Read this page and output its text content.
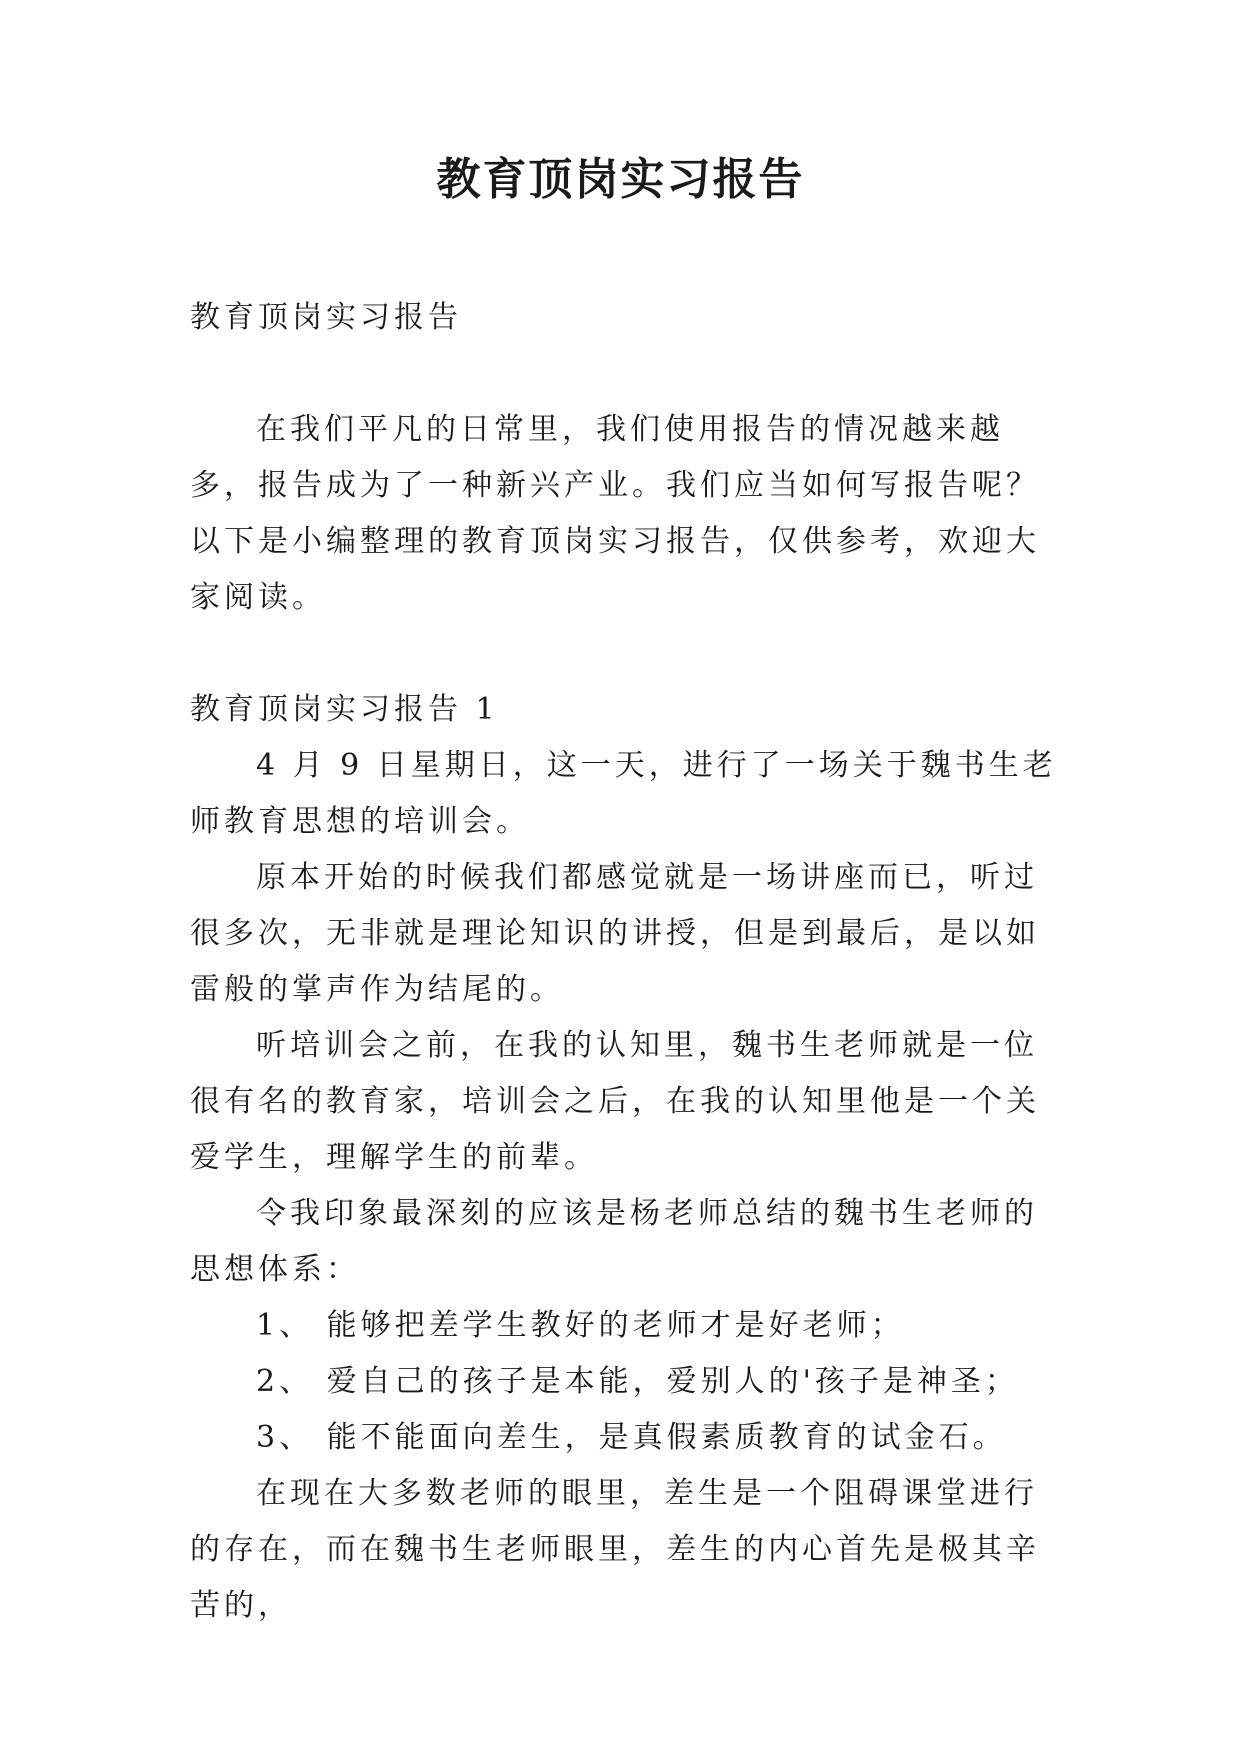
教育顶岗实习报告

教育顶岗实习报告

在我们平凡的日常里，我们使用报告的情况越来越多，报告成为了一种新兴产业。我们应当如何写报告呢？以下是小编整理的教育顶岗实习报告，仅供参考，欢迎大家阅读。

教育顶岗实习报告 1

4 月 9 日星期日，这一天，进行了一场关于魏书生老师教育思想的培训会。

原本开始的时候我们都感觉就是一场讲座而已，听过很多次，无非就是理论知识的讲授，但是到最后，是以如雷般的掌声作为结尾的。

听培训会之前，在我的认知里，魏书生老师就是一位很有名的教育家，培训会之后，在我的认知里他是一个关爱学生，理解学生的前辈。

令我印象最深刻的应该是杨老师总结的魏书生老师的思想体系：

1、 能够把差学生教好的老师才是好老师；

2、 爱自己的孩子是本能，爱别人的'孩子是神圣；

3、 能不能面向差生，是真假素质教育的试金石。

在现在大多数老师的眼里，差生是一个阻碍课堂进行的存在，而在魏书生老师眼里，差生的内心首先是极其辛苦的，
